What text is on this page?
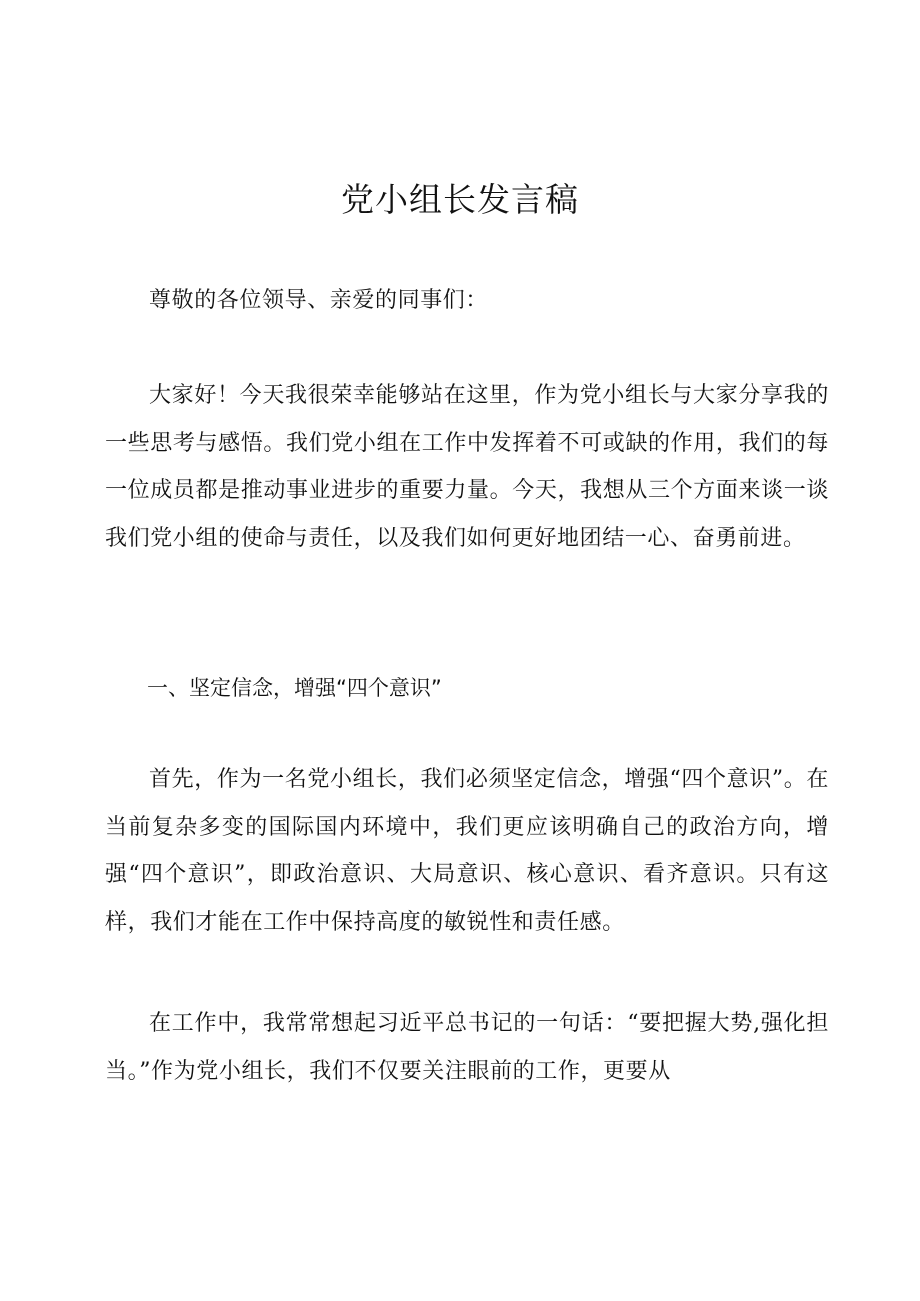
党小组长发言稿

尊敬的各位领导、亲爱的同事们：

大家好！今天我很荣幸能够站在这里，作为党小组长与大家分享我的一些思考与感悟。我们党小组在工作中发挥着不可或缺的作用，我们的每一位成员都是推动事业进步的重要力量。今天，我想从三个方面来谈一谈我们党小组的使命与责任，以及我们如何更好地团结一心、奋勇前进。

一、坚定信念，增强“四个意识”

首先，作为一名党小组长，我们必须坚定信念，增强“四个意识”。在当前复杂多变的国际国内环境中，我们更应该明确自己的政治方向，增强“四个意识”，即政治意识、大局意识、核心意识、看齐意识。只有这样，我们才能在工作中保持高度的敏锐性和责任感。

在工作中，我常常想起习近平总书记的一句话：“要把握大势,强化担当。”作为党小组长，我们不仅要关注眼前的工作，更要从
